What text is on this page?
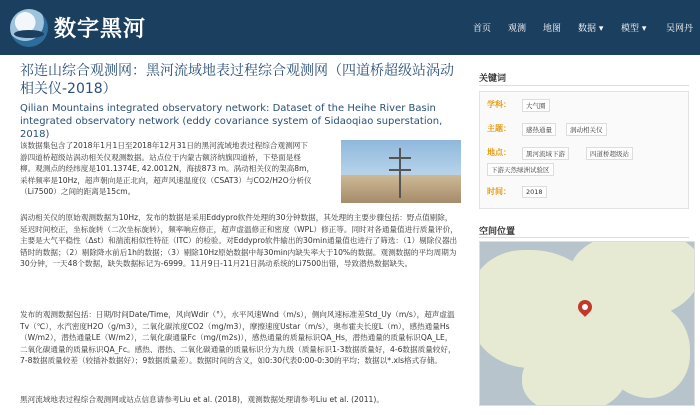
数字黑河	首页 观测 地图 数据 ▾ 模型 ▾ 吴网丹
祁连山综合观测网：黑河流域地表过程综合观测网（四道桥超级站涡动相关仪-2018）
Qilian Mountains integrated observatory network: Dataset of the Heihe River Basin integrated observatory network (eddy covariance system of Sidaoqiao superstation, 2018)
该数据集包含了2018年1月1日至2018年12月31日的黑河流域地表过程综合观测网下游四道桥超级站涡动相关仪观测数据。站点位于内蒙古额济纳旗四道桥，下垫面是柽柳。观测点的经纬度是101.1374E, 42.0012N，海拔873 m。涡动相关仪的架高8m，采样频率是10Hz，超声朝向是正北向，超声风速温度仪（CSAT3）与CO2/H2O分析仪（Li7500）之间的距离是15cm。
涡动相关仪的原始观测数据为10Hz，发布的数据是采用Eddypro软件处理的30分钟数据，其处理的主要步骤包括：野点值剔除，延迟时间校正，坐标旋转（二次坐标旋转），频率响应修正，超声虚温修正和密度（WPL）修正等。同时对各通量值进行质量评价，主要是大气平稳性（Δst）和湍流相似性特征（ITC）的检验。对Eddypro软件输出的30min通量值也进行了筛选：（1）剔除仪器出错时的数据；（2）剔除降水前后1h的数据；（3）剔除10Hz原始数据中每30min内缺失率大于10%的数据。观测数据的平均周期为30分钟，一天48个数据，缺失数据标记为-6999。11月9日-11月21日涡动系统的Li7500出错，导致潜热数据缺失。
发布的观测数据包括：日期/时间Date/Time，风向Wdir（°），水平风速Wnd（m/s），侧向风速标准差Std_Uy（m/s），超声虚温Tv（℃），水汽密度H2O（g/m3），二氧化碳浓度CO2（mg/m3），摩擦速度Ustar（m/s），奥布霍夫长度L（m），感热通量Hs（W/m2），潜热通量LE（W/m2），二氧化碳通量Fc（mg/(m2s)），感热通量的质量标识QA_Hs，潜热通量的质量标识QA_LE，二氧化碳通量的质量标识QA_Fc。感热、潜热、二氧化碳通量的质量标识分为九级（质量标识1-3数据质量好，4-6数据质量较好，7-8数据质量较差（较插补数据好）；9数据质量差）。数据时间的含义，如0:30代表0:00-0:30的平均；数据以*.xls格式存储。
黑河流域地表过程综合观测网或站点信息请参考Liu et al. (2018)，观测数据处理请参考Liu et al. (2011)。
关键词
学科：	大气圈
主题：	感热通量	涡动相关仪
地点：	黑河流域下游	四道桥超级站
下游天然绿洲试验区
时间：	2018
空间位置
